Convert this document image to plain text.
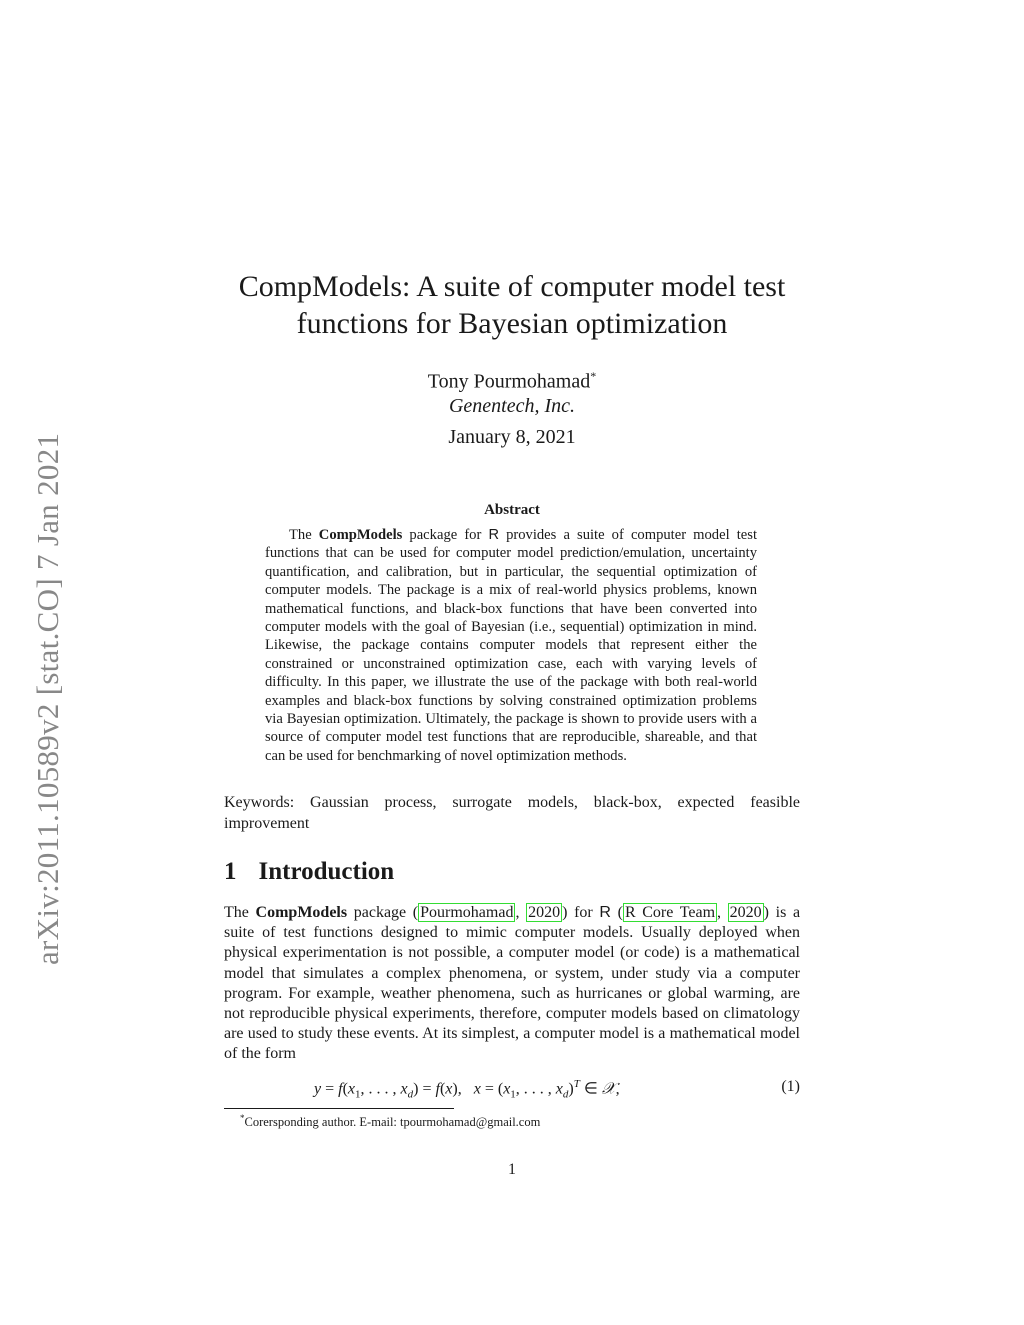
arXiv:2011.10589v2 [stat.CO] 7 Jan 2021
CompModels: A suite of computer model test
functions for Bayesian optimization
Tony Pourmohamad*
Genentech, Inc.
January 8, 2021
Abstract

The CompModels package for R provides a suite of computer model test functions that can be used for computer model prediction/emulation, uncertainty quantification, and calibration, but in particular, the sequential optimization of computer models. The package is a mix of real-world physics problems, known mathematical functions, and black-box functions that have been converted into computer models with the goal of Bayesian (i.e., sequential) optimization in mind. Likewise, the package contains computer models that represent either the constrained or unconstrained optimization case, each with varying levels of difficulty. In this paper, we illustrate the use of the package with both real-world examples and black-box functions by solving constrained optimization problems via Bayesian optimization. Ultimately, the package is shown to provide users with a source of computer model test functions that are reproducible, shareable, and that can be used for benchmarking of novel optimization methods.

Keywords: Gaussian process, surrogate models, black-box, expected feasible improvement

1 Introduction

The CompModels package ( Pourmohamad , 2020 ) for R ( R Core Team , 2020 ) is a suite of test functions designed to mimic computer models. Usually deployed when physical experimentation is not possible, a computer model (or code) is a mathematical model that simulates a complex phenomena, or system, under study via a computer program. For example, weather phenomena, such as hurricanes or global warming, are not reproducible physical experiments, therefore, computer models based on climatology are used to study these events. At its simplest, a computer model is a mathematical model of the form

$y = f(x_1$, . . . , $x_d) = f(x)$,   $x = (x_1$, . . . , $x_d)^T$ ∈ 𝒳,	(1)
*Corersponding author. E-mail: tpourmohamad@gmail.com
1
